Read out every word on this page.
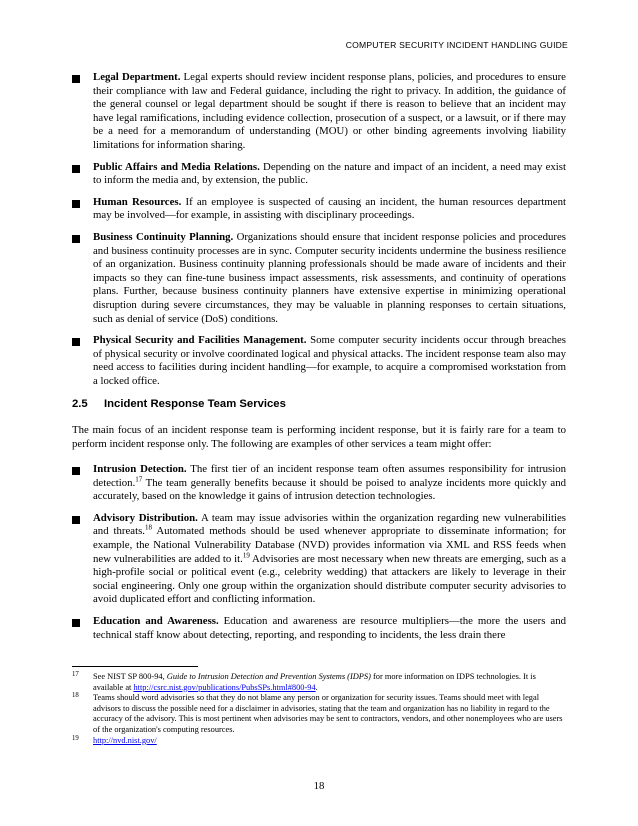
COMPUTER SECURITY INCIDENT HANDLING GUIDE
Legal Department. Legal experts should review incident response plans, policies, and procedures to ensure their compliance with law and Federal guidance, including the right to privacy. In addition, the guidance of the general counsel or legal department should be sought if there is reason to believe that an incident may have legal ramifications, including evidence collection, prosecution of a suspect, or a lawsuit, or if there may be a need for a memorandum of understanding (MOU) or other binding agreements involving liability limitations for information sharing.
Public Affairs and Media Relations. Depending on the nature and impact of an incident, a need may exist to inform the media and, by extension, the public.
Human Resources. If an employee is suspected of causing an incident, the human resources department may be involved—for example, in assisting with disciplinary proceedings.
Business Continuity Planning. Organizations should ensure that incident response policies and procedures and business continuity processes are in sync. Computer security incidents undermine the business resilience of an organization. Business continuity planning professionals should be made aware of incidents and their impacts so they can fine-tune business impact assessments, risk assessments, and continuity of operations plans. Further, because business continuity planners have extensive expertise in minimizing operational disruption during severe circumstances, they may be valuable in planning responses to certain situations, such as denial of service (DoS) conditions.
Physical Security and Facilities Management. Some computer security incidents occur through breaches of physical security or involve coordinated logical and physical attacks. The incident response team also may need access to facilities during incident handling—for example, to acquire a compromised workstation from a locked office.
2.5 Incident Response Team Services

The main focus of an incident response team is performing incident response, but it is fairly rare for a team to perform incident response only. The following are examples of other services a team might offer:

Intrusion Detection. The first tier of an incident response team often assumes responsibility for intrusion detection.$^{17}$ The team generally benefits because it should be poised to analyze incidents more quickly and accurately, based on the knowledge it gains of intrusion detection technologies.
Advisory Distribution. A team may issue advisories within the organization regarding new vulnerabilities and threats.$^{18}$ Automated methods should be used whenever appropriate to disseminate information; for example, the National Vulnerability Database (NVD) provides information via XML and RSS feeds when new vulnerabilities are added to it.$^{19}$ Advisories are most necessary when new threats are emerging, such as a high-profile social or political event (e.g., celebrity wedding) that attackers are likely to leverage in their social engineering. Only one group within the organization should distribute computer security advisories to avoid duplicated effort and conflicting information.
Education and Awareness. Education and awareness are resource multipliers—the more the users and technical staff know about detecting, reporting, and responding to incidents, the less drain there
17 See NIST SP 800-94, Guide to Intrusion Detection and Prevention Systems (IDPS) for more information on IDPS technologies. It is available at http://csrc.nist.gov/publications/PubsSPs.html#800-94.
18 Teams should word advisories so that they do not blame any person or organization for security issues. Teams should meet with legal advisors to discuss the possible need for a disclaimer in advisories, stating that the team and organization has no liability in regard to the accuracy of the advisory. This is most pertinent when advisories may be sent to contractors, vendors, and other nonemployees who are users of the organization's computing resources.
19 http://nvd.nist.gov/
18
